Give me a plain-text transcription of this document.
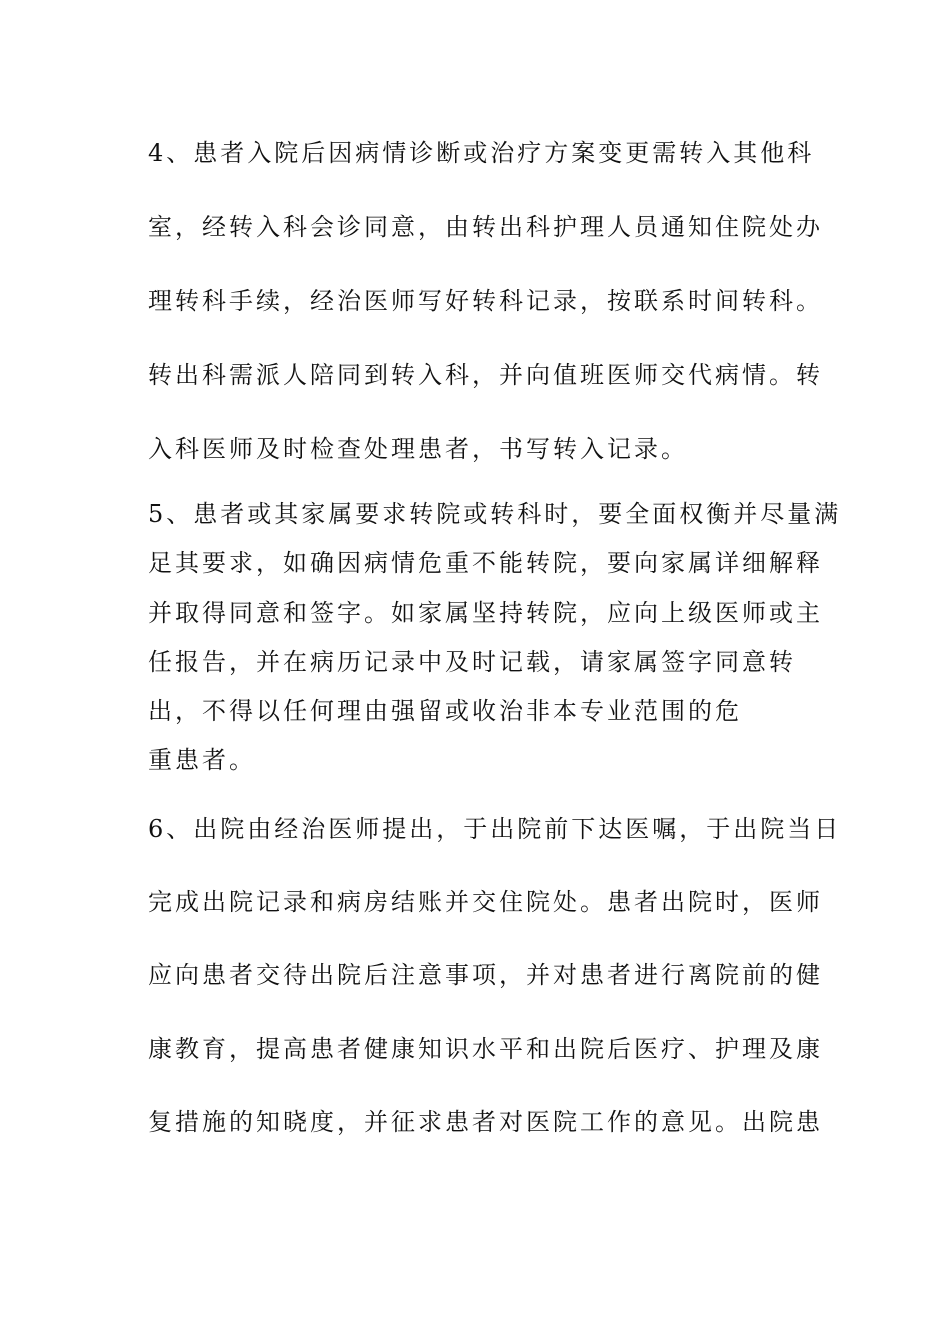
4、患者入院后因病情诊断或治疗方案变更需转入其他科
室，经转入科会诊同意，由转出科护理人员通知住院处办
理转科手续，经治医师写好转科记录，按联系时间转科。
转出科需派人陪同到转入科，并向值班医师交代病情。转
入科医师及时检查处理患者，书写转入记录。
5、患者或其家属要求转院或转科时，要全面权衡并尽量满
足其要求，如确因病情危重不能转院，要向家属详细解释
并取得同意和签字。如家属坚持转院，应向上级医师或主
任报告，并在病历记录中及时记载，请家属签字同意转
出，不得以任何理由强留或收治非本专业范围的危
重患者。
6、出院由经治医师提出，于出院前下达医嘱，于出院当日
完成出院记录和病房结账并交住院处。患者出院时，医师
应向患者交待出院后注意事项，并对患者进行离院前的健
康教育，提高患者健康知识水平和出院后医疗、护理及康
复措施的知晓度，并征求患者对医院工作的意见。出院患
